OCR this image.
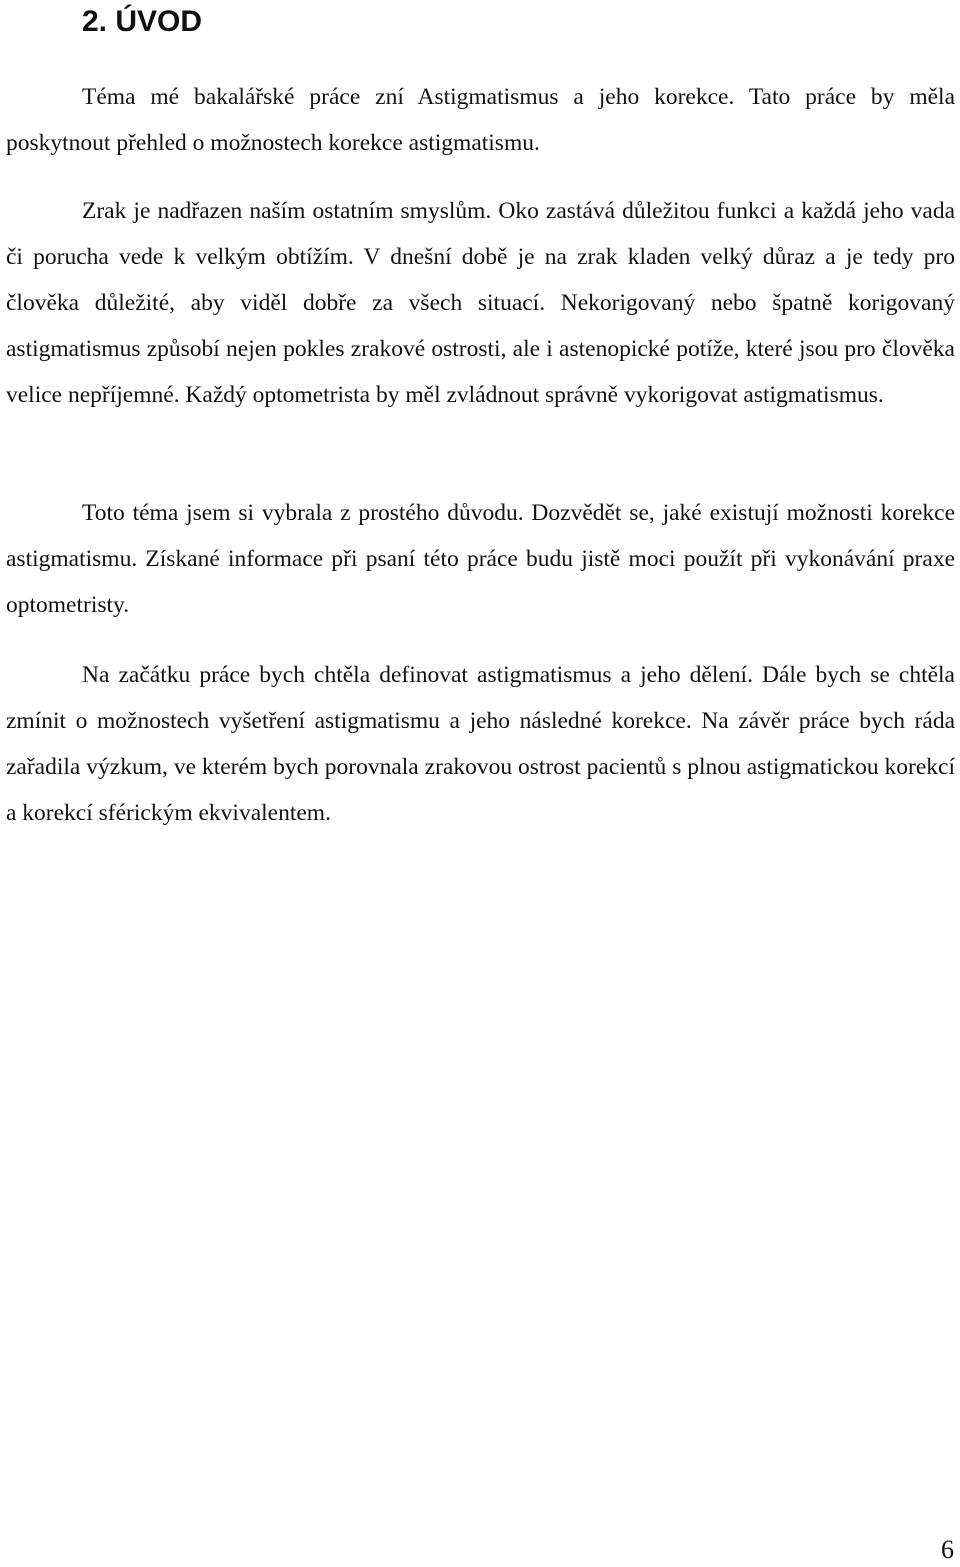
2. ÚVOD

Téma mé bakalářské práce zní Astigmatismus a jeho korekce. Tato práce by měla poskytnout přehled o možnostech korekce astigmatismu.

Zrak je nadřazen naším ostatním smyslům. Oko zastává důležitou funkci a každá jeho vada či porucha vede k velkým obtížím. V dnešní době je na zrak kladen velký důraz a je tedy pro člověka důležité, aby viděl dobře za všech situací. Nekorigovaný nebo špatně korigovaný astigmatismus způsobí nejen pokles zrakové ostrosti, ale i astenopické potíže, které jsou pro člověka velice nepříjemné. Každý optometrista by měl zvládnout správně vykorigovat astigmatismus.

Toto téma jsem si vybrala z prostého důvodu. Dozvědět se, jaké existují možnosti korekce astigmatismu. Získané informace při psaní této práce budu jistě moci použít při vykonávání praxe optometristy.

Na začátku práce bych chtěla definovat astigmatismus a jeho dělení. Dále bych se chtěla zmínit o možnostech vyšetření astigmatismu a jeho následné korekce. Na závěr práce bych ráda zařadila výzkum, ve kterém bych porovnala zrakovou ostrost pacientů s plnou astigmatickou korekcí a korekcí sférickým ekvivalentem.

6
